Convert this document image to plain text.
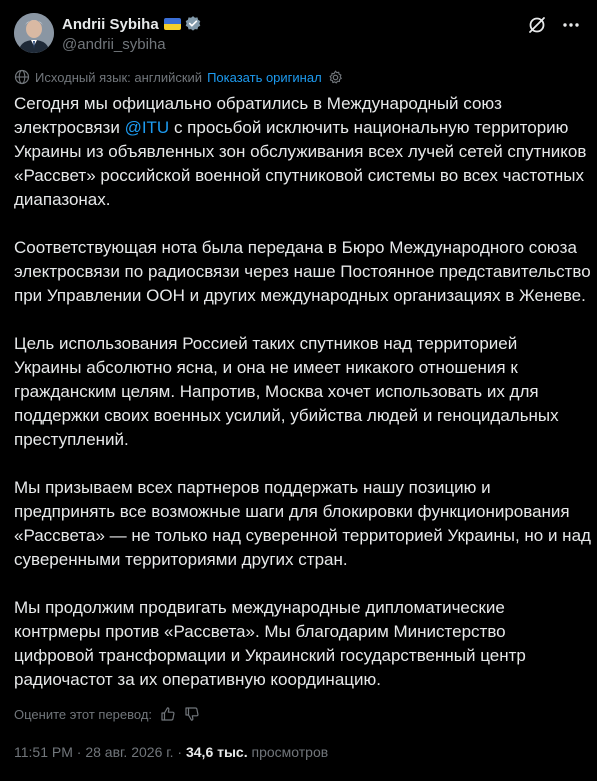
Andrii Sybiha
@andrii_sybiha
Исходный язык: английский Показать оригинал

Сегодня мы официально обратились в Международный союз
электросвязи @ITU с просьбой исключить национальную территорию
Украины из объявленных зон обслуживания всех лучей сетей спутников
«Рассвет» российской военной спутниковой системы во всех частотных
диапазонах.

Соответствующая нота была передана в Бюро Международного союза
электросвязи по радиосвязи через наше Постоянное представительство
при Управлении ООН и других международных организациях в Женеве.

Цель использования Россией таких спутников над территорией
Украины абсолютно ясна, и она не имеет никакого отношения к
гражданским целям. Напротив, Москва хочет использовать их для
поддержки своих военных усилий, убийства людей и геноцидальных
преступлений.

Мы призываем всех партнеров поддержать нашу позицию и
предпринять все возможные шаги для блокировки функционирования
«Рассвета» — не только над суверенной территорией Украины, но и над
суверенными территориями других стран.

Мы продолжим продвигать международные дипломатические
контрмеры против «Рассвета». Мы благодарим Министерство
цифровой трансформации и Украинский государственный центр
радиочастот за их оперативную координацию.

Оцените этот перевод:
11:51 PM · 28 авг. 2026 г. · 34,6 тыс. просмотров
